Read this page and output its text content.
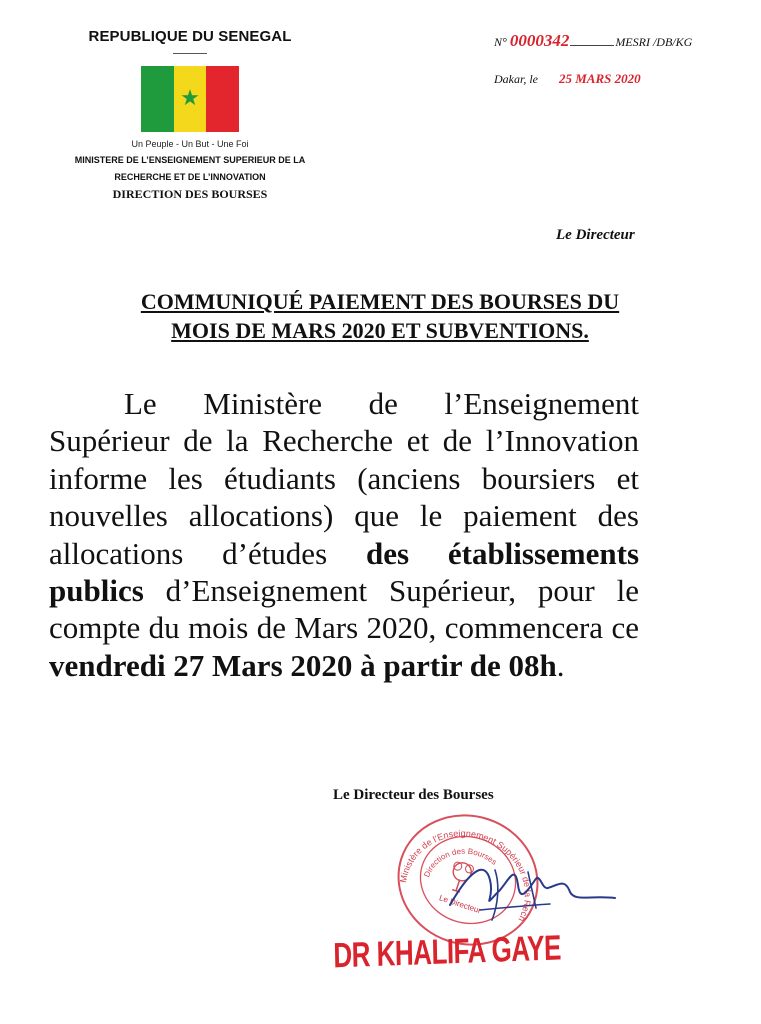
REPUBLIQUE DU SENEGAL
★
Un Peuple - Un But - Une Foi
MINISTERE DE L’ENSEIGNEMENT SUPERIEUR DE LA
RECHERCHE ET DE L’INNOVATION
DIRECTION DES BOURSES
N° 0000342	MESRI /DB/KG
Dakar, le 25 MARS 2020
Le Directeur
COMMUNIQUÉ PAIEMENT DES BOURSES DU
MOIS DE MARS 2020 ET SUBVENTIONS.
Le Ministère de l’Enseignement Supérieur de la Recherche et de l’Innovation informe les étudiants (anciens boursiers et nouvelles allocations) que le paiement des allocations d’études des établissements publics d’Enseignement Supérieur, pour le compte du mois de Mars 2020, commencera ce vendredi 27 Mars 2020 à partir de 08h.
Le Directeur des Bourses
Ministère de l’Enseignement Supérieur de la Recherche
Direction des Bourses
Le Directeur
DR KHALIFA GAYE
